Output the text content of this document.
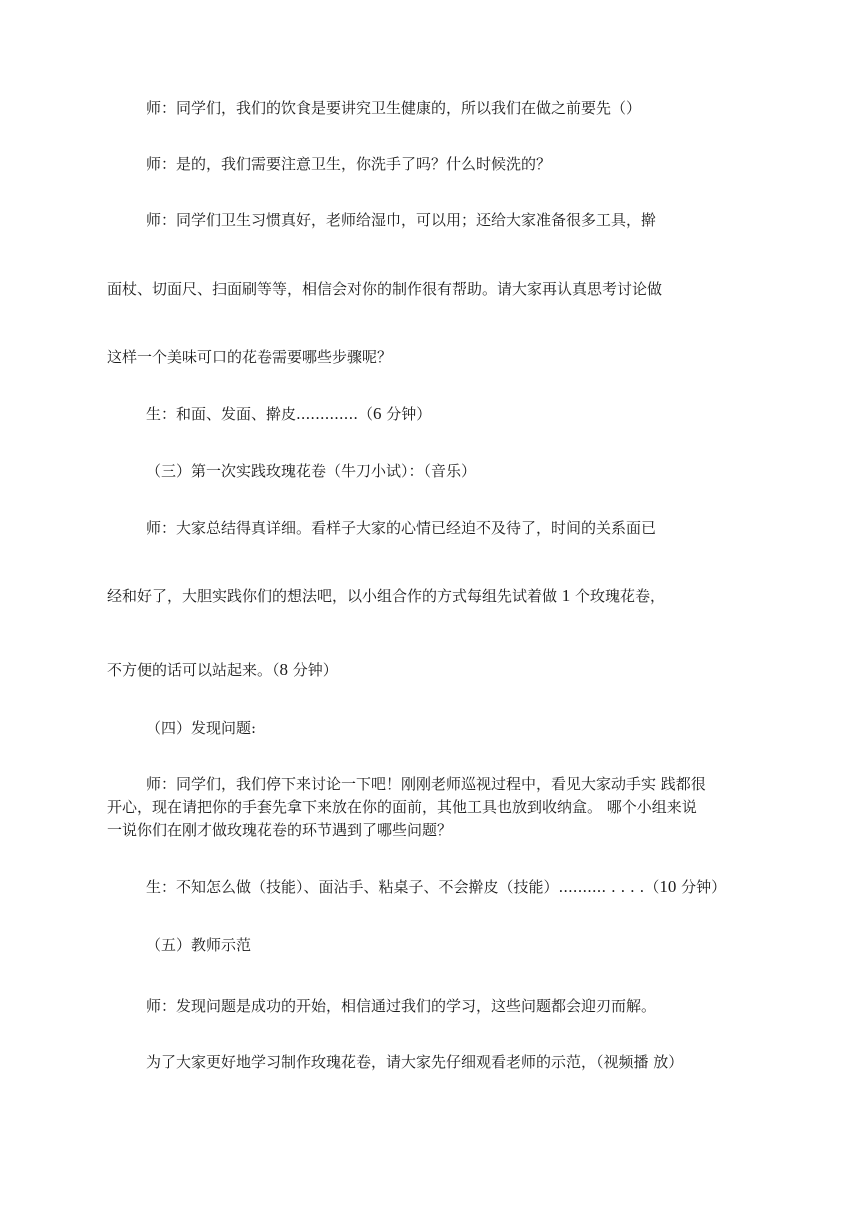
师：同学们，我们的饮食是要讲究卫生健康的，所以我们在做之前要先（）
师：是的，我们需要注意卫生，你洗手了吗？什么时候洗的？
师：同学们卫生习惯真好，老师给湿巾，可以用；还给大家准备很多工具，擀
面杖、切面尺、扫面刷等等，相信会对你的制作很有帮助。请大家再认真思考讨论做
这样一个美味可口的花卷需要哪些步骤呢？
生：和面、发面、擀皮.............（6 分钟）
（三）第一次实践玫瑰花卷（牛刀小试）：（音乐）
师：大家总结得真详细。看样子大家的心情已经迫不及待了，时间的关系面已
经和好了，大胆实践你们的想法吧，以小组合作的方式每组先试着做 1 个玫瑰花卷，
不方便的话可以站起来。（8 分钟）
（四）发现问题:
师：同学们，我们停下来讨论一下吧！刚刚老师巡视过程中，看见大家动手实 践都很
开心，现在请把你的手套先拿下来放在你的面前，其他工具也放到收纳盒。 哪个小组来说
一说你们在刚才做玫瑰花卷的环节遇到了哪些问题？
生：不知怎么做（技能）、面沾手、粘桌子、不会擀皮（技能）.......... . . . .（10 分钟）
（五）教师示范
师：发现问题是成功的开始，相信通过我们的学习，这些问题都会迎刃而解。
为了大家更好地学习制作玫瑰花卷，请大家先仔细观看老师的示范，（视频播 放）
